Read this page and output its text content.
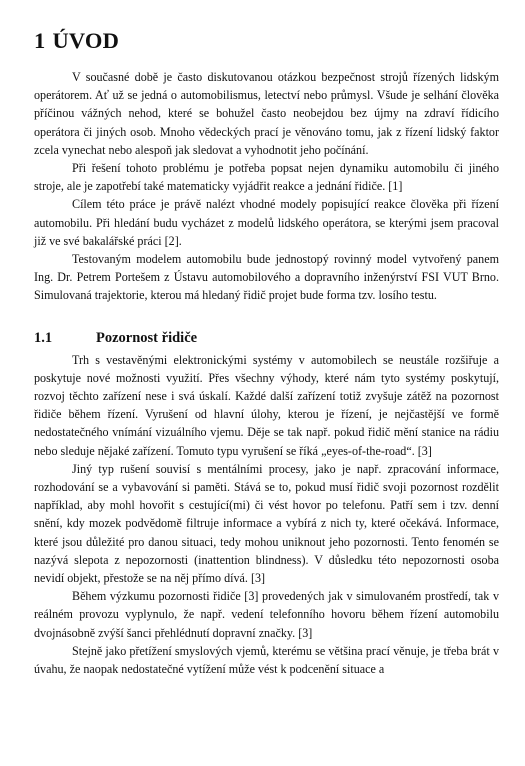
1 ÚVOD

V současné době je často diskutovanou otázkou bezpečnost strojů řízených lidským operátorem. Ať už se jedná o automobilismus, letectví nebo průmysl. Všude je selhání člověka příčinou vážných nehod, které se bohužel často neobejdou bez újmy na zdraví řídicího operátora či jiných osob. Mnoho vědeckých prací je věnováno tomu, jak z řízení lidský faktor zcela vynechat nebo alespoň jak sledovat a vyhodnotit jeho počínání.

Při řešení tohoto problému je potřeba popsat nejen dynamiku automobilu či jiného stroje, ale je zapotřebí také matematicky vyjádřit reakce a jednání řidiče. [1]

Cílem této práce je právě nalézt vhodné modely popisující reakce člověka při řízení automobilu. Při hledání budu vycházet z modelů lidského operátora, se kterými jsem pracoval již ve své bakalářské práci [2].

Testovaným modelem automobilu bude jednostopý rovinný model vytvořený panem Ing. Dr. Petrem Portešem z Ústavu automobilového a dopravního inženýrství FSI VUT Brno. Simulovaná trajektorie, kterou má hledaný řidič projet bude forma tzv. losího testu.

1.1	Pozornost řidiče

Trh s vestavěnými elektronickými systémy v automobilech se neustále rozšiřuje a poskytuje nové možnosti využití. Přes všechny výhody, které nám tyto systémy poskytují, rozvoj těchto zařízení nese i svá úskalí. Každé další zařízení totiž zvyšuje zátěž na pozornost řidiče během řízení. Vyrušení od hlavní úlohy, kterou je řízení, je nejčastější ve formě nedostatečného vnímání vizuálního vjemu. Děje se tak např. pokud řidič mění stanice na rádiu nebo sleduje nějaké zařízení. Tomuto typu vyrušení se říká „eyes-of-the-road“. [3]

Jiný typ rušení souvisí s mentálními procesy, jako je např. zpracování informace, rozhodování se a vybavování si paměti. Stává se to, pokud musí řidič svoji pozornost rozdělit například, aby mohl hovořit s cestující(mi) či vést hovor po telefonu. Patří sem i tzv. denní snění, kdy mozek podvědomě filtruje informace a vybírá z nich ty, které očekává. Informace, které jsou důležité pro danou situaci, tedy mohou uniknout jeho pozornosti. Tento fenomén se nazývá slepota z nepozornosti (inattention blindness). V důsledku této nepozornosti osoba nevidí objekt, přestože se na něj přímo dívá. [3]

Během výzkumu pozornosti řidiče [3] provedených jak v simulovaném prostředí, tak v reálném provozu vyplynulo, že např. vedení telefonního hovoru během řízení automobilu dvojnásobně zvýší šanci přehlédnutí dopravní značky. [3]

Stejně jako přetížení smyslových vjemů, kterému se většina prací věnuje, je třeba brát v úvahu, že naopak nedostatečné vytížení může vést k podcenění situace a
